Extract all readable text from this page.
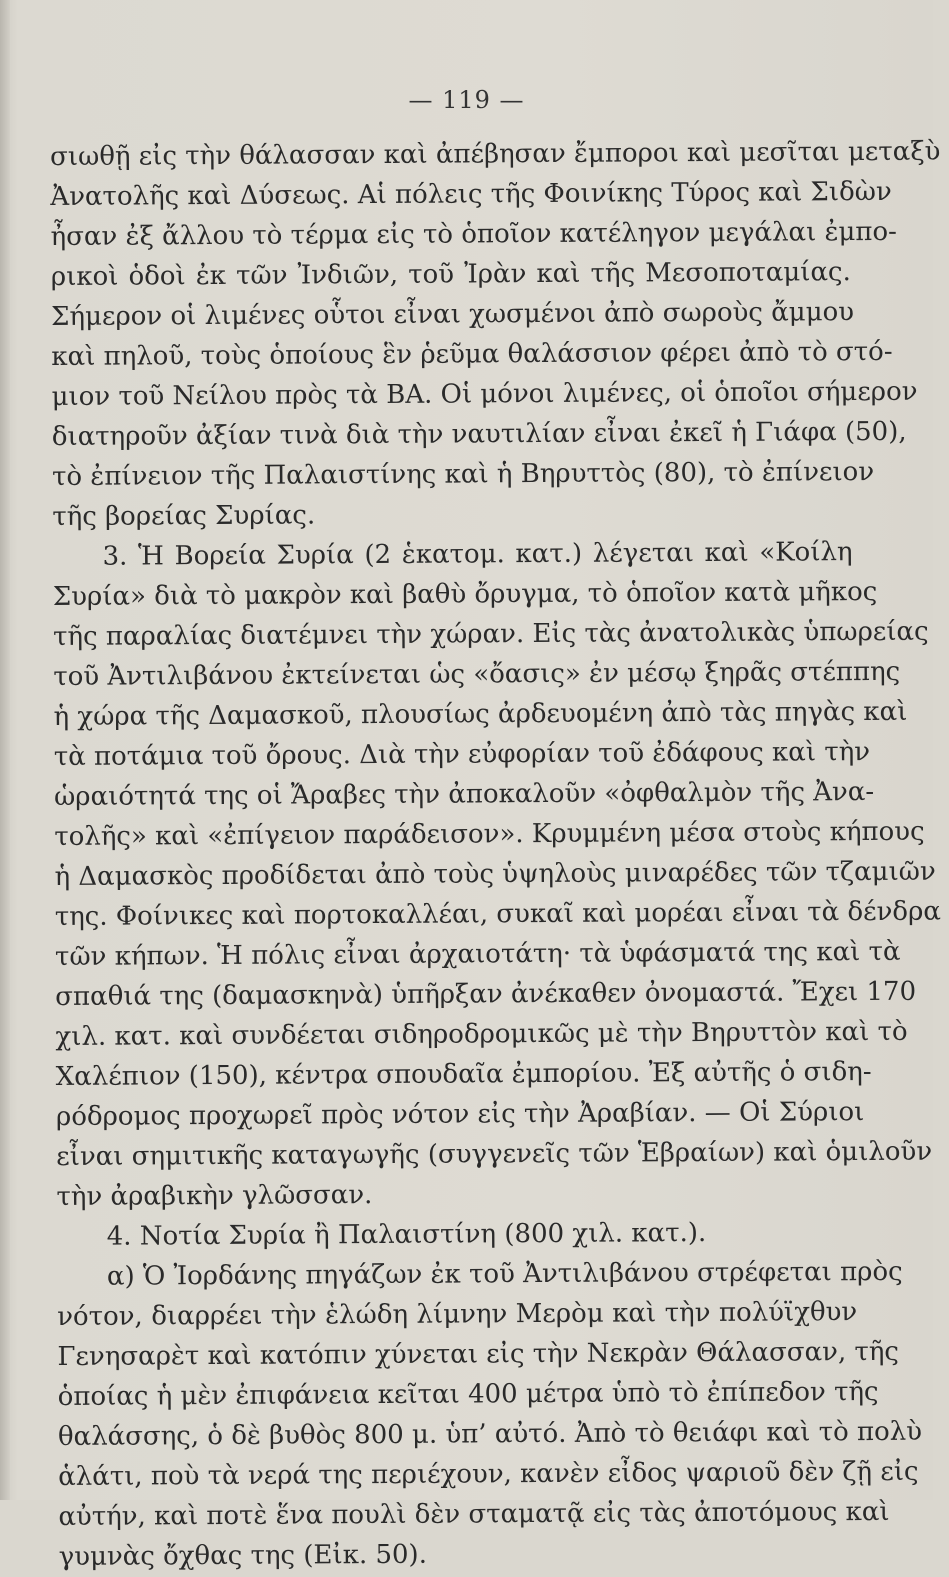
— 119 —
σιωθῇ εἰς τὴν θάλασσαν καὶ ἀπέβησαν ἔμποροι καὶ μεσῖται μεταξὺ
Ἀνατολῆς καὶ Δύσεως. Αἱ πόλεις τῆς Φοινίκης Τύρος καὶ Σιδὼν
ἦσαν ἐξ ἄλλου τὸ τέρμα εἰς τὸ ὁποῖον κατέληγον μεγάλαι ἐμπο-
ρικοὶ ὁδοὶ ἐκ τῶν Ἰνδιῶν, τοῦ Ἰρὰν καὶ τῆς Μεσοποταμίας.
Σήμερον οἱ λιμένες οὗτοι εἶναι χωσμένοι ἀπὸ σωροὺς ἄμμου
καὶ πηλοῦ, τοὺς ὁποίους ἓν ῥεῦμα θαλάσσιον φέρει ἀπὸ τὸ στό-
μιον τοῦ Νείλου πρὸς τὰ ΒΑ. Οἱ μόνοι λιμένες, οἱ ὁποῖοι σήμερον
διατηροῦν ἀξίαν τινὰ διὰ τὴν ναυτιλίαν εἶναι ἐκεῖ ἡ Γιάφα (50),
τὸ ἐπίνειον τῆς Παλαιστίνης καὶ ἡ Βηρυττὸς (80), τὸ ἐπίνειον
τῆς βορείας Συρίας.
3. Ἡ Βορεία Συρία (2 ἑκατομ. κατ.) λέγεται καὶ «Κοίλη
Συρία» διὰ τὸ μακρὸν καὶ βαθὺ ὄρυγμα, τὸ ὁποῖον κατὰ μῆκος
τῆς παραλίας διατέμνει τὴν χώραν. Εἰς τὰς ἀνατολικὰς ὑπωρείας
τοῦ Ἀντιλιβάνου ἐκτείνεται ὡς «ὄασις» ἐν μέσῳ ξηρᾶς στέππης
ἡ χώρα τῆς Δαμασκοῦ, πλουσίως ἀρδευομένη ἀπὸ τὰς πηγὰς καὶ
τὰ ποτάμια τοῦ ὄρους. Διὰ τὴν εὐφορίαν τοῦ ἐδάφους καὶ τὴν
ὡραιότητά της οἱ Ἄραβες τὴν ἀποκαλοῦν «ὀφθαλμὸν τῆς Ἀνα-
τολῆς» καὶ «ἐπίγειον παράδεισον». Κρυμμένη μέσα στοὺς κήπους
ἡ Δαμασκὸς προδίδεται ἀπὸ τοὺς ὑψηλοὺς μιναρέδες τῶν τζαμιῶν
της. Φοίνικες καὶ πορτοκαλλέαι, συκαῖ καὶ μορέαι εἶναι τὰ δένδρα
τῶν κήπων. Ἡ πόλις εἶναι ἀρχαιοτάτη· τὰ ὑφάσματά της καὶ τὰ
σπαθιά της (δαμασκηνὰ) ὑπῆρξαν ἀνέκαθεν ὀνομαστά. Ἔχει 170
χιλ. κατ. καὶ συνδέεται σιδηροδρομικῶς μὲ τὴν Βηρυττὸν καὶ τὸ
Χαλέπιον (150), κέντρα σπουδαῖα ἐμπορίου. Ἐξ αὐτῆς ὁ σιδη-
ρόδρομος προχωρεῖ πρὸς νότον εἰς τὴν Ἀραβίαν. — Οἱ Σύριοι
εἶναι σημιτικῆς καταγωγῆς (συγγενεῖς τῶν Ἑβραίων) καὶ ὁμιλοῦν
τὴν ἀραβικὴν γλῶσσαν.
4. Νοτία Συρία ἢ Παλαιστίνη (800 χιλ. κατ.).
α) Ὁ Ἰορδάνης πηγάζων ἐκ τοῦ Ἀντιλιβάνου στρέφεται πρὸς
νότον, διαρρέει τὴν ἑλώδη λίμνην Μερὸμ καὶ τὴν πολύϊχθυν
Γενησαρὲτ καὶ κατόπιν χύνεται εἰς τὴν Νεκρὰν Θάλασσαν, τῆς
ὁποίας ἡ μὲν ἐπιφάνεια κεῖται 400 μέτρα ὑπὸ τὸ ἐπίπεδον τῆς
θαλάσσης, ὁ δὲ βυθὸς 800 μ. ὑπ’ αὐτό. Ἀπὸ τὸ θειάφι καὶ τὸ πολὺ
ἁλάτι, ποὺ τὰ νερά της περιέχουν, κανὲν εἶδος ψαριοῦ δὲν ζῇ εἰς
αὐτήν, καὶ ποτὲ ἕνα πουλὶ δὲν σταματᾷ εἰς τὰς ἀποτόμους καὶ
γυμνὰς ὄχθας της (Εἰκ. 50).
